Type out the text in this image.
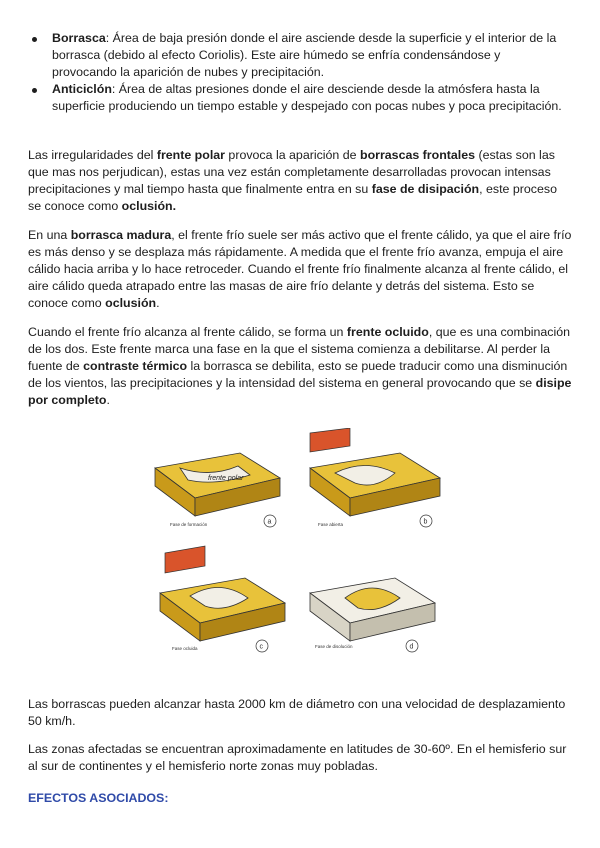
Borrasca: Área de baja presión donde el aire asciende desde la superficie y el interior de la borrasca (debido al efecto Coriolis). Este aire húmedo se enfría condensándose y provocando la aparición de nubes y precipitación.
Anticiclón: Área de altas presiones donde el aire desciende desde la atmósfera hasta la superficie produciendo un tiempo estable y despejado con pocas nubes y poca precipitación.

Las irregularidades del frente polar provoca la aparición de borrascas frontales (estas son las que mas nos perjudican), estas una vez están completamente desarrolladas provocan intensas precipitaciones y mal tiempo hasta que finalmente entra en su fase de disipación, este proceso se conoce como oclusión.

En una borrasca madura, el frente frío suele ser más activo que el frente cálido, ya que el aire frío es más denso y se desplaza más rápidamente. A medida que el frente frío avanza, empuja el aire cálido hacia arriba y lo hace retroceder. Cuando el frente frío finalmente alcanza al frente cálido, el aire cálido queda atrapado entre las masas de aire frío delante y detrás del sistema. Esto se conoce como oclusión.

Cuando el frente frío alcanza al frente cálido, se forma un frente ocluido, que es una combinación de los dos. Este frente marca una fase en la que el sistema comienza a debilitarse. Al perder la fuente de contraste térmico la borrasca se debilita, esto se puede traducir como una disminución de los vientos, las precipitaciones y la intensidad del sistema en general provocando que se disipe por completo.

frente polar
Fase de formación	a	Fase abierta	b
Fase ocluida	c	Fase de disolución	d

Las borrascas pueden alcanzar hasta 2000 km de diámetro con una velocidad de desplazamiento 50 km/h.

Las zonas afectadas se encuentran aproximadamente en latitudes de 30-60º. En el hemisferio sur al sur de continentes y el hemisferio norte zonas muy pobladas.

EFECTOS ASOCIADOS:
